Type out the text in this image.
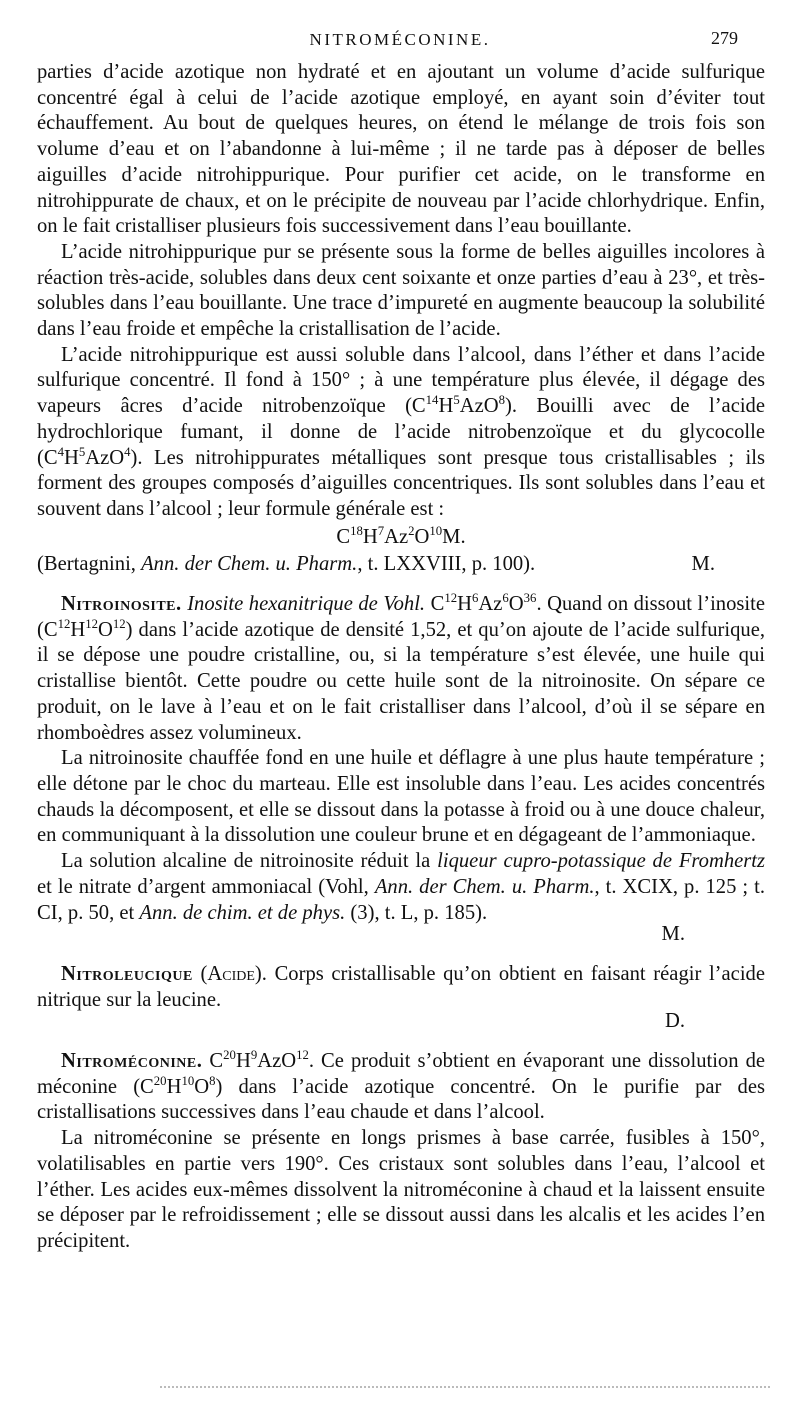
NITROMÉCONINE.	279

parties d’acide azotique non hydraté et en ajoutant un volume d’acide sulfurique concentré égal à celui de l’acide azotique employé, en ayant soin d’éviter tout échauffement. Au bout de quelques heures, on étend le mélange de trois fois son volume d’eau et on l’abandonne à lui-même ; il ne tarde pas à déposer de belles aiguilles d’acide nitrohippurique. Pour purifier cet acide, on le transforme en nitrohippurate de chaux, et on le précipite de nouveau par l’acide chlorhydrique. Enfin, on le fait cristalliser plusieurs fois successivement dans l’eau bouillante.

L’acide nitrohippurique pur se présente sous la forme de belles aiguilles incolores à réaction très-acide, solubles dans deux cent soixante et onze parties d’eau à 23°, et très-solubles dans l’eau bouillante. Une trace d’impureté en augmente beaucoup la solubilité dans l’eau froide et empêche la cristallisation de l’acide.

L’acide nitrohippurique est aussi soluble dans l’alcool, dans l’éther et dans l’acide sulfurique concentré. Il fond à 150° ; à une température plus élevée, il dégage des vapeurs âcres d’acide nitrobenzoïque $(C^{14}H^5AzO^8)$. Bouilli avec de l’acide hydrochlorique fumant, il donne de l’acide nitrobenzoïque et du glycocolle $(C^4H^5AzO^4)$. Les nitrohippurates métalliques sont presque tous cristallisables ; ils forment des groupes composés d’aiguilles concentriques. Ils sont solubles dans l’eau et souvent dans l’alcool ; leur formule générale est :

$C^{18}H^7Az^2O^{10}M$.

(Bertagnini, Ann. der Chem. u. Pharm., t. LXXVIII, p. 100).	M.

Nitroinosite. Inosite hexanitrique de Vohl. $C^{12}H^6Az^6O^{36}$. Quand on dissout l’inosite $(C^{12}H^{12}O^{12})$ dans l’acide azotique de densité 1,52, et qu’on ajoute de l’acide sulfurique, il se dépose une poudre cristalline, ou, si la température s’est élevée, une huile qui cristallise bientôt. Cette poudre ou cette huile sont de la nitroinosite. On sépare ce produit, on le lave à l’eau et on le fait cristalliser dans l’alcool, d’où il se sépare en rhomboèdres assez volumineux.

La nitroinosite chauffée fond en une huile et déflagre à une plus haute température ; elle détone par le choc du marteau. Elle est insoluble dans l’eau. Les acides concentrés chauds la décomposent, et elle se dissout dans la potasse à froid ou à une douce chaleur, en communiquant à la dissolution une couleur brune et en dégageant de l’ammoniaque.

La solution alcaline de nitroinosite réduit la liqueur cupro-potassique de Fromhertz et le nitrate d’argent ammoniacal (Vohl, Ann. der Chem. u. Pharm., t. XCIX, p. 125 ; t. CI, p. 50, et Ann. de chim. et de phys. (3), t. L, p. 185).
M.

Nitroleucique (Acide). Corps cristallisable qu’on obtient en faisant réagir l’acide nitrique sur la leucine.
D.

Nitroméconine. $C^{20}H^9AzO^{12}$. Ce produit s’obtient en évaporant une dissolution de méconine $(C^{20}H^{10}O^8)$ dans l’acide azotique concentré. On le purifie par des cristallisations successives dans l’eau chaude et dans l’alcool.

La nitroméconine se présente en longs prismes à base carrée, fusibles à 150°, volatilisables en partie vers 190°. Ces cristaux sont solubles dans l’eau, l’alcool et l’éther. Les acides eux-mêmes dissolvent la nitroméconine à chaud et la laissent ensuite se déposer par le refroidissement ; elle se dissout aussi dans les alcalis et les acides l’en précipitent.
